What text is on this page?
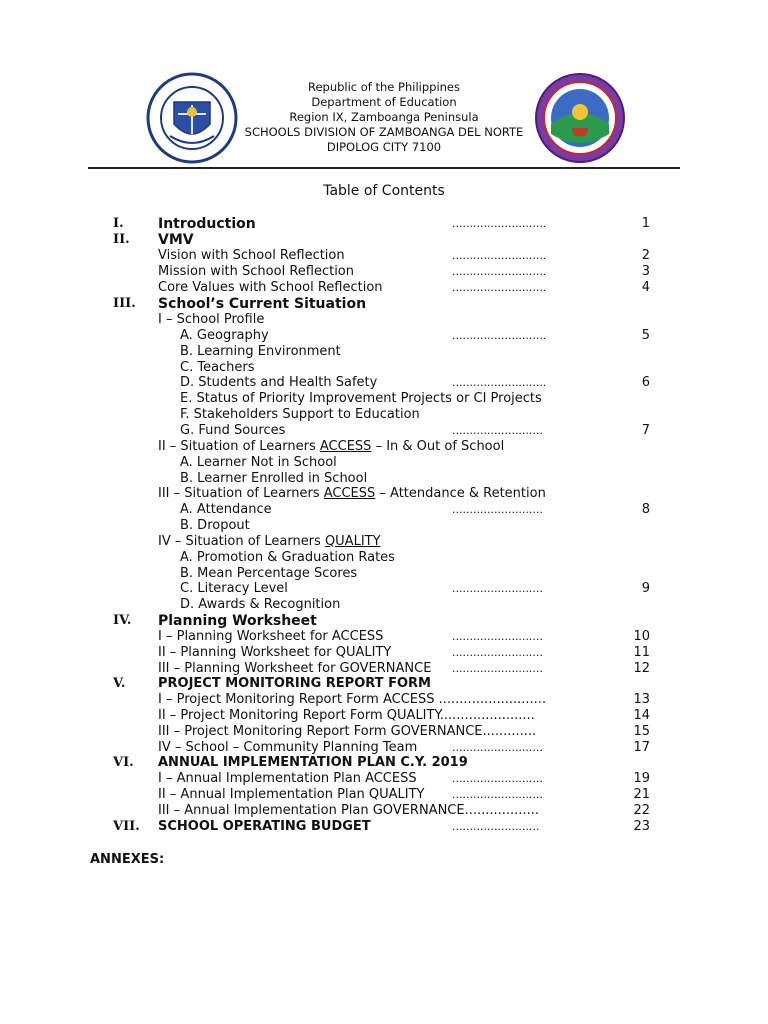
Republic of the Philippines
Department of Education
Region IX, Zamboanga Peninsula
SCHOOLS DIVISION OF ZAMBOANGA DEL NORTE
DIPOLOG CITY 7100
Table of Contents
I. Introduction	...........................	1
II. VMV
Vision with School Reflection	...........................	2
Mission with School Reflection	...........................	3
Core Values with School Reflection	...........................	4
III. School’s Current Situation
I – School Profile
A. Geography	...........................	5
B. Learning Environment
C. Teachers
D. Students and Health Safety	...........................	6
E. Status of Priority Improvement Projects or CI Projects
F. Stakeholders Support to Education
G. Fund Sources	..........................	7
II – Situation of Learners ACCESS – In & Out of School
A. Learner Not in School
B. Learner Enrolled in School
III – Situation of Learners ACCESS – Attendance & Retention
A. Attendance	..........................	8
B. Dropout
IV – Situation of Learners QUALITY
A. Promotion & Graduation Rates
B. Mean Percentage Scores
C. Literacy Level	..........................	9
D. Awards & Recognition
IV. Planning Worksheet
I – Planning Worksheet for ACCESS	..........................	10
II – Planning Worksheet for QUALITY	..........................	11
III – Planning Worksheet for GOVERNANCE ..........................	12
V.	PROJECT MONITORING REPORT FORM
I – Project Monitoring Report Form ACCESS ..........................	13
II – Project Monitoring Report Form QUALITY.......................	14
III – Project Monitoring Report Form GOVERNANCE.............	15
IV – School – Community Planning Team	..........................	17
VI. ANNUAL IMPLEMENTATION PLAN C.Y. 2019
I – Annual Implementation Plan ACCESS	..........................	19
II – Annual Implementation Plan QUALITY	..........................	21
III – Annual Implementation Plan GOVERNANCE..................	22
VII. SCHOOL OPERATING BUDGET	.........................	23
ANNEXES:
